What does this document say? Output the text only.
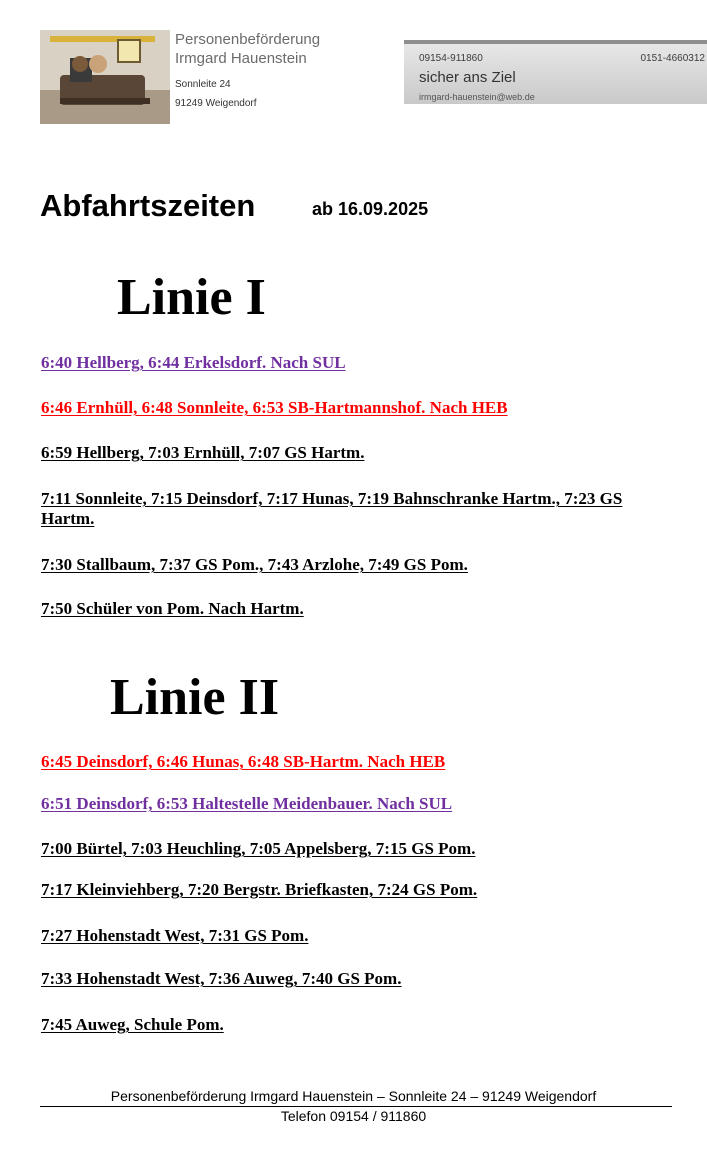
Personenbeförderung
Irmgard Hauenstein
Sonnleite 24
91249 Weigendorf
09154-911860	0151-4660312
sicher ans Ziel
irmgard-hauenstein@web.de
Abfahrtszeiten	ab 16.09.2025
Linie I
6:40 Hellberg, 6:44 Erkelsdorf. Nach SUL
6:46 Ernhüll, 6:48 Sonnleite, 6:53 SB-Hartmannshof. Nach HEB
6:59 Hellberg, 7:03 Ernhüll, 7:07 GS Hartm.
7:11 Sonnleite, 7:15 Deinsdorf, 7:17 Hunas, 7:19 Bahnschranke Hartm., 7:23 GS Hartm.
7:30 Stallbaum, 7:37 GS Pom., 7:43 Arzlohe, 7:49 GS Pom.
7:50 Schüler von Pom. Nach Hartm.
Linie II
6:45 Deinsdorf, 6:46 Hunas, 6:48 SB-Hartm. Nach HEB
6:51 Deinsdorf, 6:53 Haltestelle Meidenbauer. Nach SUL
7:00 Bürtel, 7:03 Heuchling, 7:05 Appelsberg, 7:15 GS Pom.
7:17 Kleinviehberg, 7:20 Bergstr. Briefkasten, 7:24 GS Pom.
7:27 Hohenstadt West, 7:31 GS Pom.
7:33 Hohenstadt West, 7:36 Auweg, 7:40 GS Pom.
7:45 Auweg, Schule Pom.
Personenbeförderung Irmgard Hauenstein – Sonnleite 24 – 91249 Weigendorf
Telefon 09154 / 911860
